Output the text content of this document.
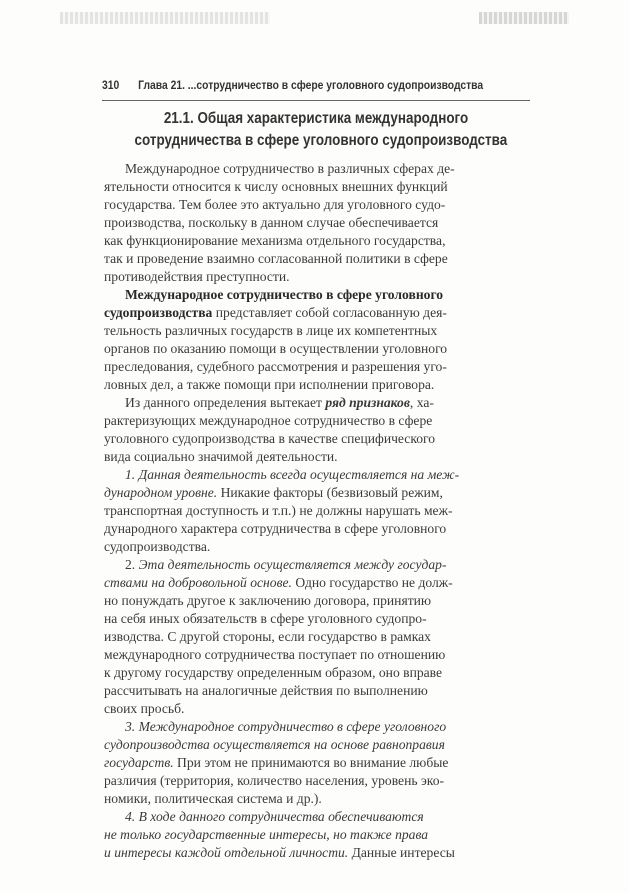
310 Глава 21. ...сотрудничество в сфере уголовного судопроизводства
21.1. Общая характеристика международного
сотрудничества в сфере уголовного судопроизводства
Международное сотрудничество в различных сферах де-
ятельности относится к числу основных внешних функций
государства. Тем более это актуально для уголовного судо-
производства, поскольку в данном случае обеспечивается
как функционирование механизма отдельного государства,
так и проведение взаимно согласованной политики в сфере
противодействия преступности.
Международное сотрудничество в сфере уголовного
судопроизводства представляет собой согласованную дея-
тельность различных государств в лице их компетентных
органов по оказанию помощи в осуществлении уголовного
преследования, судебного рассмотрения и разрешения уго-
ловных дел, а также помощи при исполнении приговора.
Из данного определения вытекает ряд признаков, ха-
рактеризующих международное сотрудничество в сфере
уголовного судопроизводства в качестве специфического
вида социально значимой деятельности.
1. Данная деятельность всегда осуществляется на меж-
дународном уровне. Никакие факторы (безвизовый режим,
транспортная доступность и т.п.) не должны нарушать меж-
дународного характера сотрудничества в сфере уголовного
судопроизводства.
2. Эта деятельность осуществляется между государ-
ствами на добровольной основе. Одно государство не долж-
но понуждать другое к заключению договора, принятию
на себя иных обязательств в сфере уголовного судопро-
изводства. С другой стороны, если государство в рамках
международного сотрудничества поступает по отношению
к другому государству определенным образом, оно вправе
рассчитывать на аналогичные действия по выполнению
своих просьб.
3. Международное сотрудничество в сфере уголовного
судопроизводства осуществляется на основе равноправия
государств. При этом не принимаются во внимание любые
различия (территория, количество населения, уровень эко-
номики, политическая система и др.).
4. В ходе данного сотрудничества обеспечиваются
не только государственные интересы, но также права
и интересы каждой отдельной личности. Данные интересы
